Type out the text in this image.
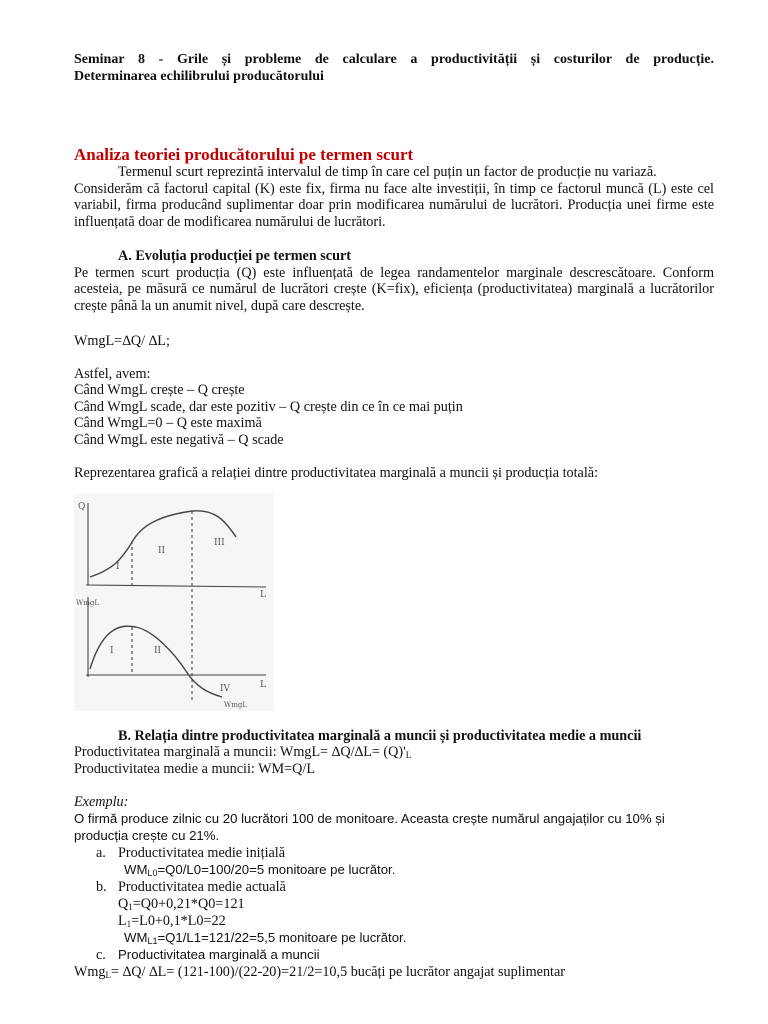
Seminar 8 - Grile și probleme de calculare a productivității și costurilor de producție.
Determinarea echilibrului producătorului
Analiza teoriei producătorului pe termen scurt
Termenul scurt reprezintă intervalul de timp în care cel puțin un factor de producție nu variază.
Considerăm că factorul capital (K) este fix, firma nu face alte investiții, în timp ce factorul muncă (L) este cel variabil, firma producând suplimentar doar prin modificarea numărului de lucrători. Producția unei firme este influențată doar de modificarea numărului de lucrători.
A. Evoluția producției pe termen scurt
Pe termen scurt producția (Q) este influențată de legea randamentelor marginale descrescătoare. Conform acesteia, pe măsură ce numărul de lucrători crește (K=fix), eficiența (productivitatea) marginală a lucrătorilor crește până la un anumit nivel, după care descrește.
WmgL=∆Q/ ∆L;
Astfel, avem:
Când WmgL crește – Q crește
Când WmgL scade, dar este pozitiv – Q crește din ce în ce mai puțin
Când WmgL=0 – Q este maximă
Când WmgL este negativă – Q scade
Reprezentarea grafică a relației dintre productivitatea marginală a muncii și producția totală:
Q
L
WmgL
L
I
II
III
I	II
IV
WmgL
B. Relația dintre productivitatea marginală a muncii și productivitatea medie a muncii
Productivitatea marginală a muncii: WmgL= $\Delta Q/\Delta L= (Q)'_L$
Productivitatea medie a muncii: WM=Q/L
Exemplu:
O firmă produce zilnic cu 20 lucrători 100 de monitoare. Aceasta crește numărul angajaților cu 10% și
producția crește cu 21%.
a. Productivitatea medie inițială
$WM_{L0}=Q0/L0=100/20=5$ monitoare pe lucrător.
b. Productivitatea medie actuală
$Q_1=Q0+0,21*Q0=121$
$L_1=L0+0,1*L0=22$
$WM_{L1}=Q1/L1=121/22=5,5$ monitoare pe lucrător.
c. Productivitatea marginală a muncii
Wmg$_L$= ∆Q/ ∆L= (121-100)/(22-20)=21/2=10,5 bucăți pe lucrător angajat suplimentar
